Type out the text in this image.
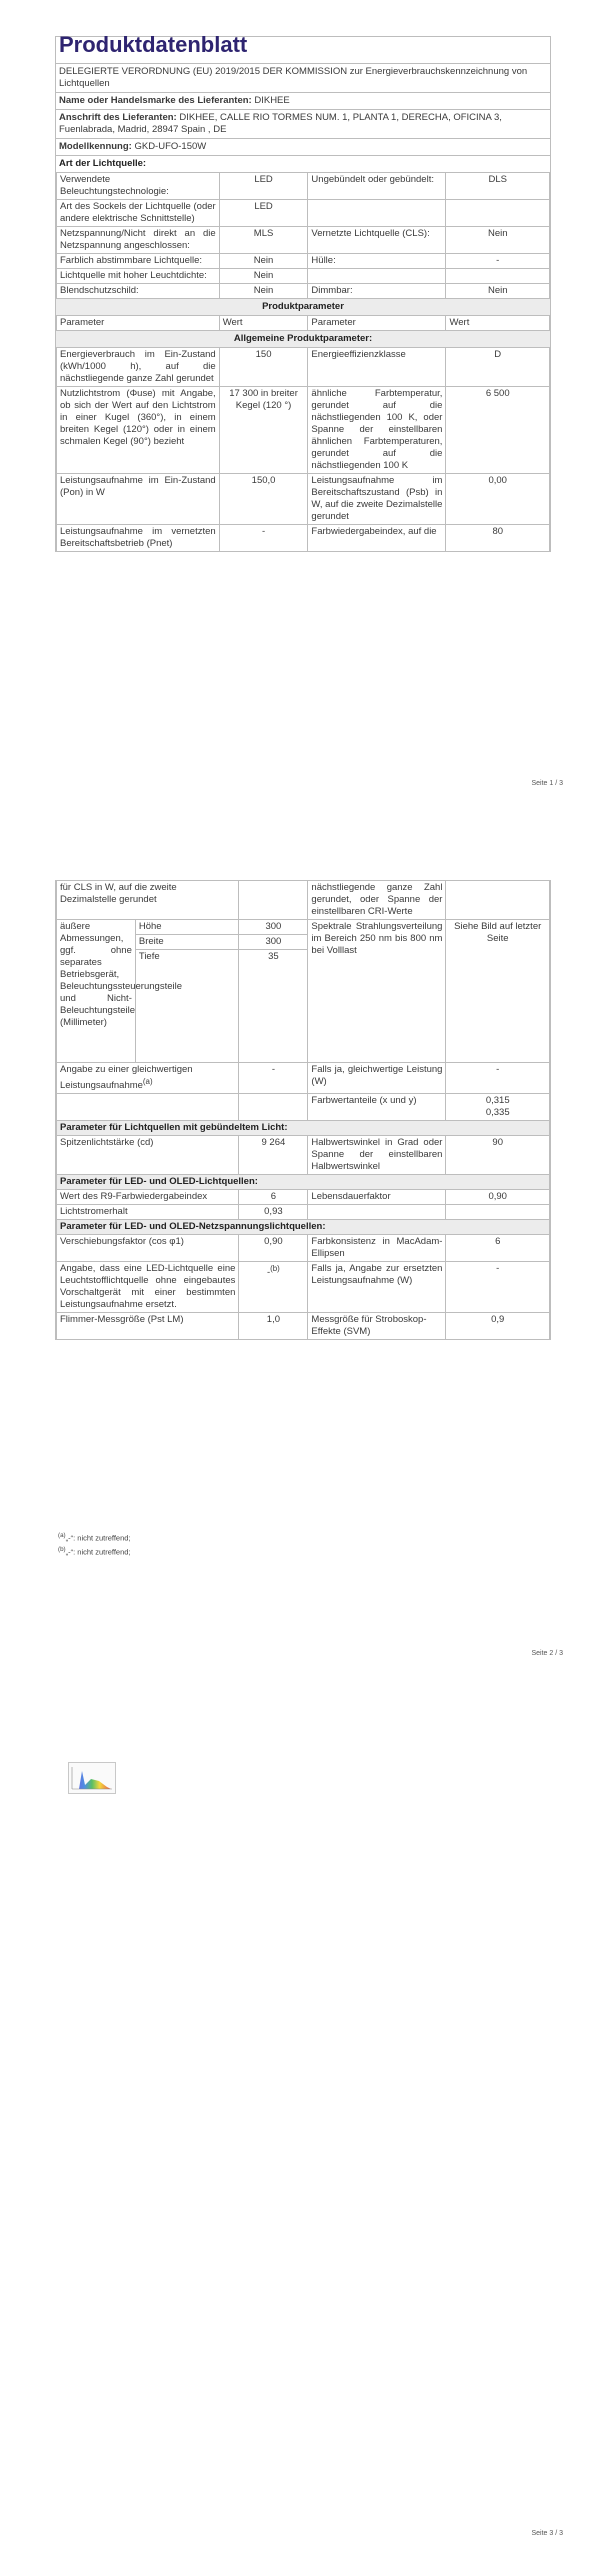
Produktdatenblatt
DELEGIERTE VERORDNUNG (EU) 2019/2015 DER KOMMISSION zur Energieverbrauchskennzeichnung von Lichtquellen
Name oder Handelsmarke des Lieferanten: DIKHEE
Anschrift des Lieferanten: DIKHEE, CALLE RIO TORMES NUM. 1, PLANTA 1, DERECHA, OFICINA 3, Fuenlabrada, Madrid, 28947 Spain , DE
Modellkennung: GKD-UFO-150W
Art der Lichtquelle:
Verwendete Beleuchtungstechnologie:	LED	Ungebündelt oder gebündelt:	DLS
Art des Sockels der Lichtquelle (oder andere elektrische Schnittstelle)	LED		
Netzspannung/Nicht direkt an die Netzspannung angeschlossen:	MLS	Vernetzte Lichtquelle (CLS):	Nein
Farblich abstimmbare Lichtquelle:	Nein	Hülle:	-
Lichtquelle mit hoher Leuchtdichte:	Nein		
Blendschutzschild:	Nein	Dimmbar:	Nein
Produktparameter
Parameter	Wert	Parameter	Wert
Allgemeine Produktparameter:
Energieverbrauch im Ein-Zustand (kWh/1000 h), auf die nächstliegende ganze Zahl gerundet	150	Energieeffizienzklasse	D
Nutzlichtstrom (Φuse) mit Angabe, ob sich der Wert auf den Lichtstrom in einer Kugel (360°), in einem breiten Kegel (120°) oder in einem schmalen Kegel (90°) bezieht	17 300 in breiter Kegel (120 °)	ähnliche Farbtemperatur, gerundet auf die nächstliegenden 100 K, oder Spanne der einstellbaren ähnlichen Farbtemperaturen, gerundet auf die nächstliegenden 100 K	6 500
Leistungsaufnahme im Ein-Zustand (Pon) in W	150,0	Leistungsaufnahme im Bereitschaftszustand (Psb) in W, auf die zweite Dezimalstelle gerundet	0,00
Leistungsaufnahme im vernetzten Bereitschaftsbetrieb (Pnet)	-	Farbwiedergabeindex, auf die	80
Seite 1 / 3
für CLS in W, auf die zweite Dezimalstelle gerundet			nächstliegende ganze Zahl gerundet, oder Spanne der einstellbaren CRI-Werte	
äußere Abmessungen, ggf. ohne separates Betriebsgerät, Beleuchtungssteuerungsteile und Nicht-Beleuchtungsteile (Millimeter)	Höhe	300	Spektrale Strahlungsverteilung im Bereich 250 nm bis 800 nm bei Volllast	Siehe Bild auf letzter Seite
	Breite	300		
	Tiefe	35		
Angabe zu einer gleichwertigen Leistungsaufnahme$^{(a)}$		-	Falls ja, gleichwertige Leistung (W)	-
			Farbwertanteile (x und y)	0,315
0,335

Parameter für Lichtquellen mit gebündeltem Licht:				
Spitzenlichtstärke (cd)		9 264	Halbwertswinkel in Grad oder Spanne der einstellbaren Halbwertswinkel	90
Parameter für LED- und OLED-Lichtquellen:				
Wert des R9-Farbwiedergabeindex		6	Lebensdauerfaktor	0,90
Lichtstromerhalt		0,93		
Parameter für LED- und OLED-Netzspannungslichtquellen:				
Verschiebungsfaktor (cos φ1)		0,90	Farbkonsistenz in MacAdam-Ellipsen	6
Angabe, dass eine LED-Lichtquelle eine Leuchtstofflichtquelle ohne eingebautes Vorschaltgerät mit einer bestimmten Leistungsaufnahme ersetzt.		-$^{(b)}$	Falls ja, Angabe zur ersetzten Leistungsaufnahme (W)	-
Flimmer-Messgröße (Pst LM)		1,0	Messgröße für Stroboskop-Effekte (SVM)	0,9
$^{(a)}$„-“: nicht zutreffend;
$^{(b)}$„-“: nicht zutreffend;
Seite 2 / 3
Seite 3 / 3
